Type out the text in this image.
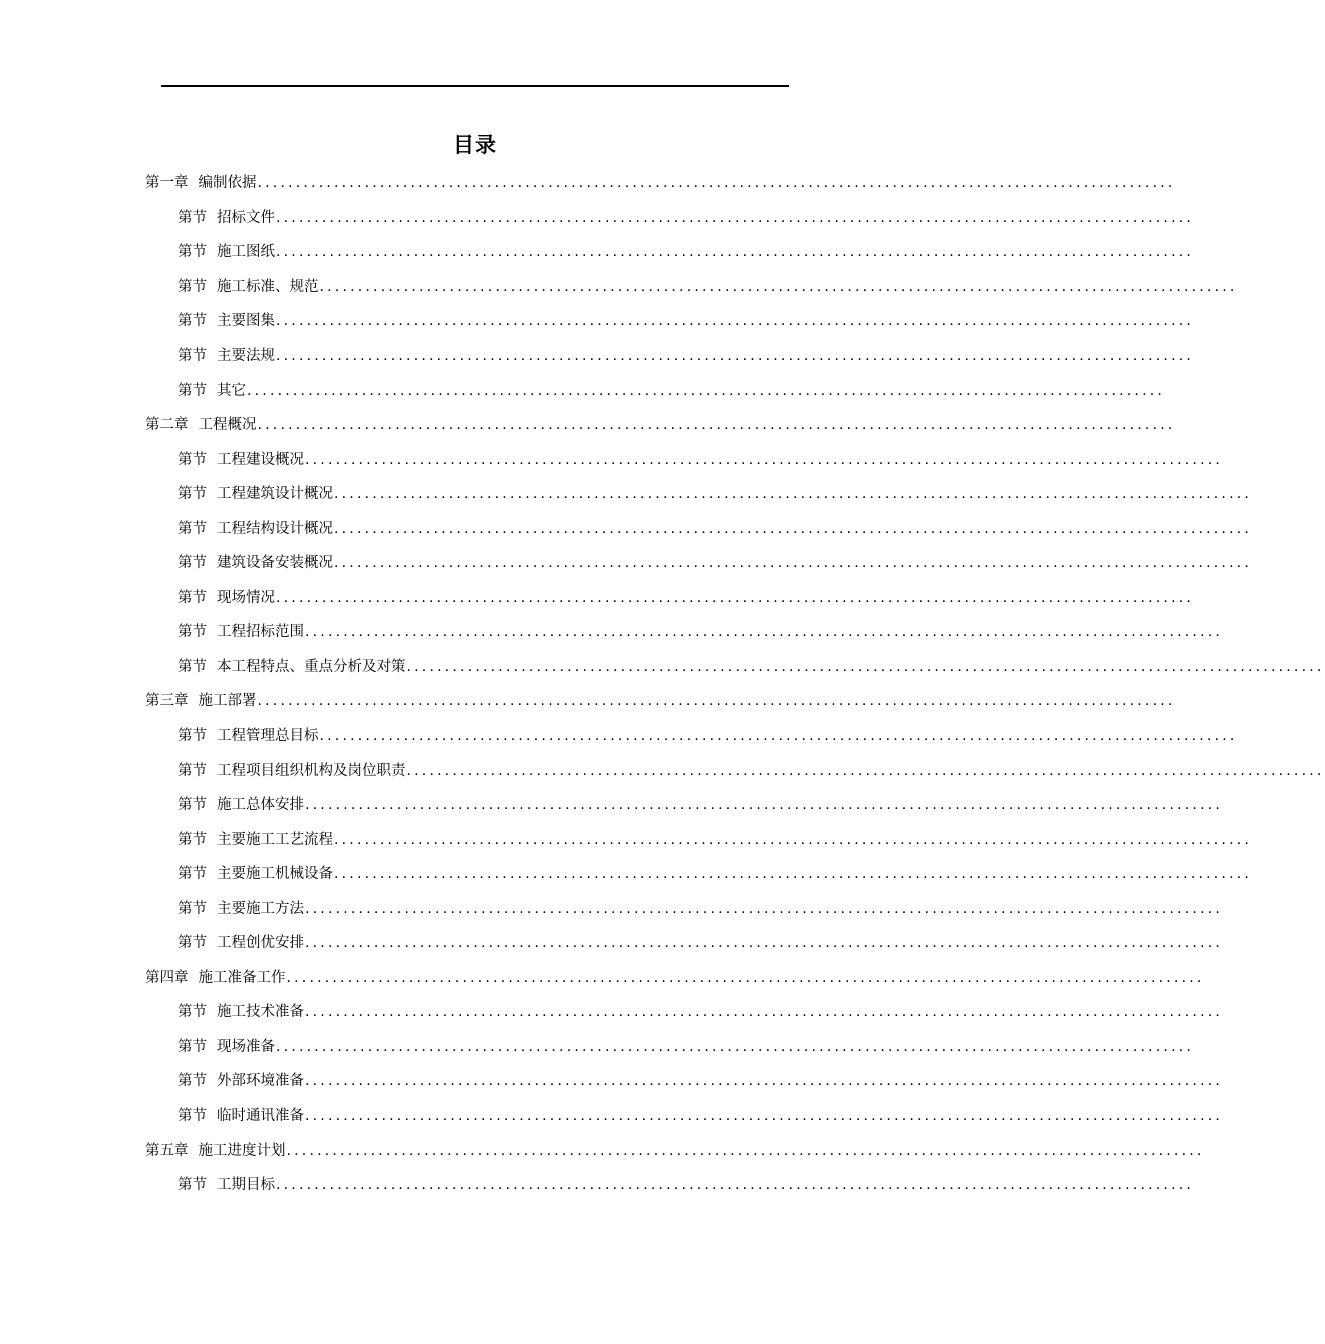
目录
第一章 编制依据 ........................................................................................................................
第节 招标文件 ........................................................................................................................
第节 施工图纸 ........................................................................................................................
第节 施工标准、规范 ........................................................................................................................
第节 主要图集 ........................................................................................................................
第节 主要法规 ........................................................................................................................
第节 其它 ........................................................................................................................
第二章 工程概况 ........................................................................................................................
第节 工程建设概况 ........................................................................................................................
第节 工程建筑设计概况 ........................................................................................................................
第节 工程结构设计概况 ........................................................................................................................
第节 建筑设备安装概况 ........................................................................................................................
第节 现场情况 ........................................................................................................................
第节 工程招标范围 ........................................................................................................................
第节 本工程特点、重点分析及对策 ........................................................................................................................
第三章 施工部署 ........................................................................................................................
第节 工程管理总目标 ........................................................................................................................
第节 工程项目组织机构及岗位职责 ........................................................................................................................
第节 施工总体安排 ........................................................................................................................
第节 主要施工工艺流程 ........................................................................................................................
第节 主要施工机械设备 ........................................................................................................................
第节 主要施工方法 ........................................................................................................................
第节 工程创优安排 ........................................................................................................................
第四章 施工准备工作 ........................................................................................................................
第节 施工技术准备 ........................................................................................................................
第节 现场准备 ........................................................................................................................
第节 外部环境准备 ........................................................................................................................
第节 临时通讯准备 ........................................................................................................................
第五章 施工进度计划 ........................................................................................................................
第节 工期目标 ........................................................................................................................
